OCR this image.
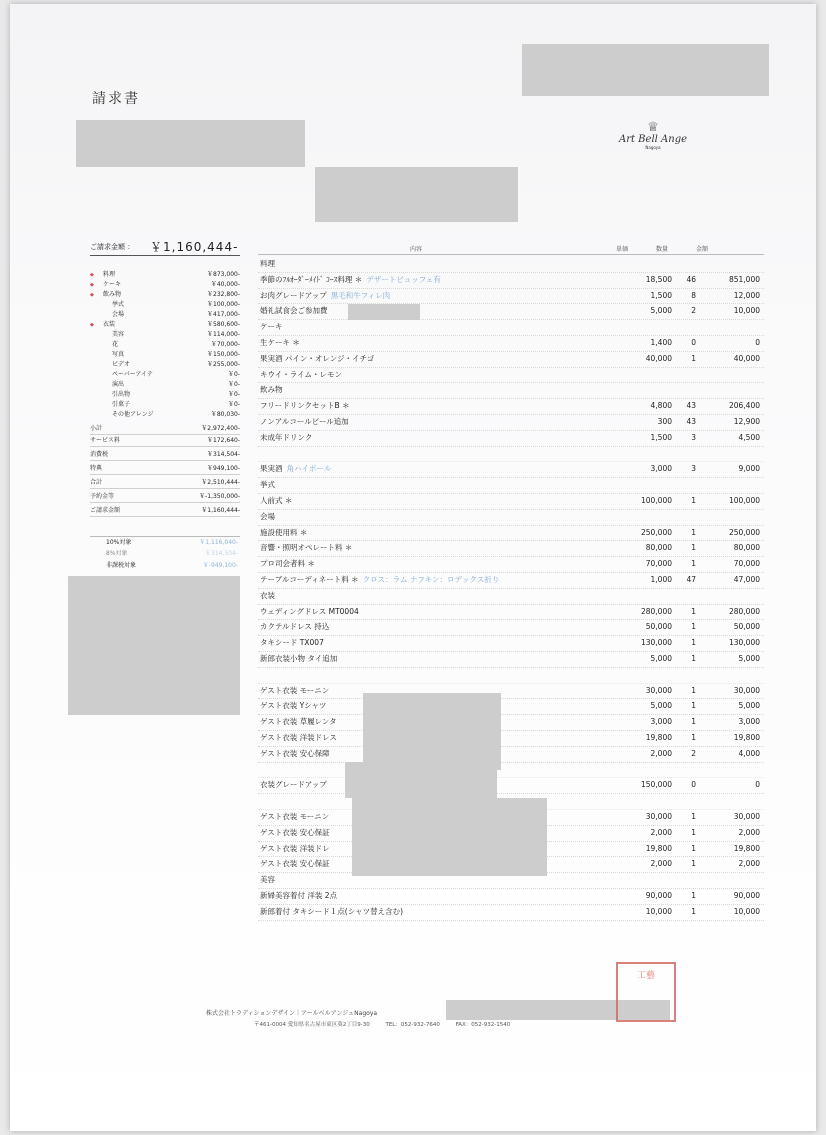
請求書
♕
Art Bell Ange
Nagoya
ご請求金額 ： ￥1,160,444-
◆ 料理	￥873,000-
◆ ケーキ	￥40,000-
◆ 飲み物	￥232,800-
挙式	￥100,000-
会場	￥417,000-
◆ 衣装	￥580,600-
美容	￥114,000-
花	￥70,000-
写真	￥150,000-
ビデオ	￥255,000-
ペーパーアイテ	￥0-
演出	￥0-
引出物	￥0-
引菓子	￥0-
その他アレンジ	￥80,030-
小計	￥2,972,400-
サービス料	￥172,640-
消費税	￥314,504-
特典	￥949,100-
合計	￥2,510,444-
予約金等	￥-1,350,000-
ご請求金額	￥1,160,444-
10%対象	￥1,116,040-
8%対象	￥314,504-
非課税対象	￥-949,100-
内容	単価	数量	金額
料理
季節のﾌﾙｵｰﾀﾞｰﾒｲﾄﾞ ｺｰｽ料理 ＊ デザートビュッフェ有	18,500 46	851,000
お肉グレードアップ 黒毛和牛フィレ肉	1,500	8	12,000
婚礼試食会ご参加費	5,000	2	10,000
ケーキ
生ケーキ ＊	1,400	0	0
果実酒 パイン・オレンジ・イチゴ	40,000	1	40,000
キウイ・ライム・レモン
飲み物
フリードリンクセットB ＊	4,800 43	206,400
ノンアルコールビール追加	300 43	12,900
未成年ドリンク	1,500	3	4,500
果実酒 角ハイボール	3,000	3	9,000
挙式
人前式 ＊	100,000	1	100,000
会場
施設使用料 ＊	250,000	1	250,000
音響・照明オペレート料 ＊	80,000	1	80,000
プロ司会者料 ＊	70,000	1	70,000
テーブルコーディネート料 ＊ クロス：ラム ナフキン：ロデックス折り	1,000 47	47,000
衣装
ウェディングドレス MT0004	280,000	1	280,000
カクテルドレス 持込	50,000	1	50,000
タキシード TX007	130,000	1	130,000
新郎衣装小物 タイ追加	5,000	1	5,000
ゲスト衣装 モーニン	30,000	1	30,000
ゲスト衣装 Yシャツ	5,000	1	5,000
ゲスト衣装 草履レンタ	3,000	1	3,000
ゲスト衣装 洋装ドレス	19,800	1	19,800
ゲスト衣装 安心保障	2,000	2	4,000
衣装グレードアップ	150,000	0	0
ゲスト衣装 モーニン	30,000	1	30,000
ゲスト衣装 安心保証	2,000	1	2,000
ゲスト衣装 洋装ドレ	19,800	1	19,800
ゲスト衣装 安心保証	2,000	1	2,000
美容
新婦美容着付 洋装 2点	90,000	1	90,000
新郎着付 タキシード１点(シャツ替え含む)	10,000	1	10,000
株式会社トラディションデザイン｜アールベルアンジェNagoya
〒461-0004 愛知県名古屋市東区葵2丁目9-30	TEL：052-932-7640	FAX：052-932-1540
工藝
